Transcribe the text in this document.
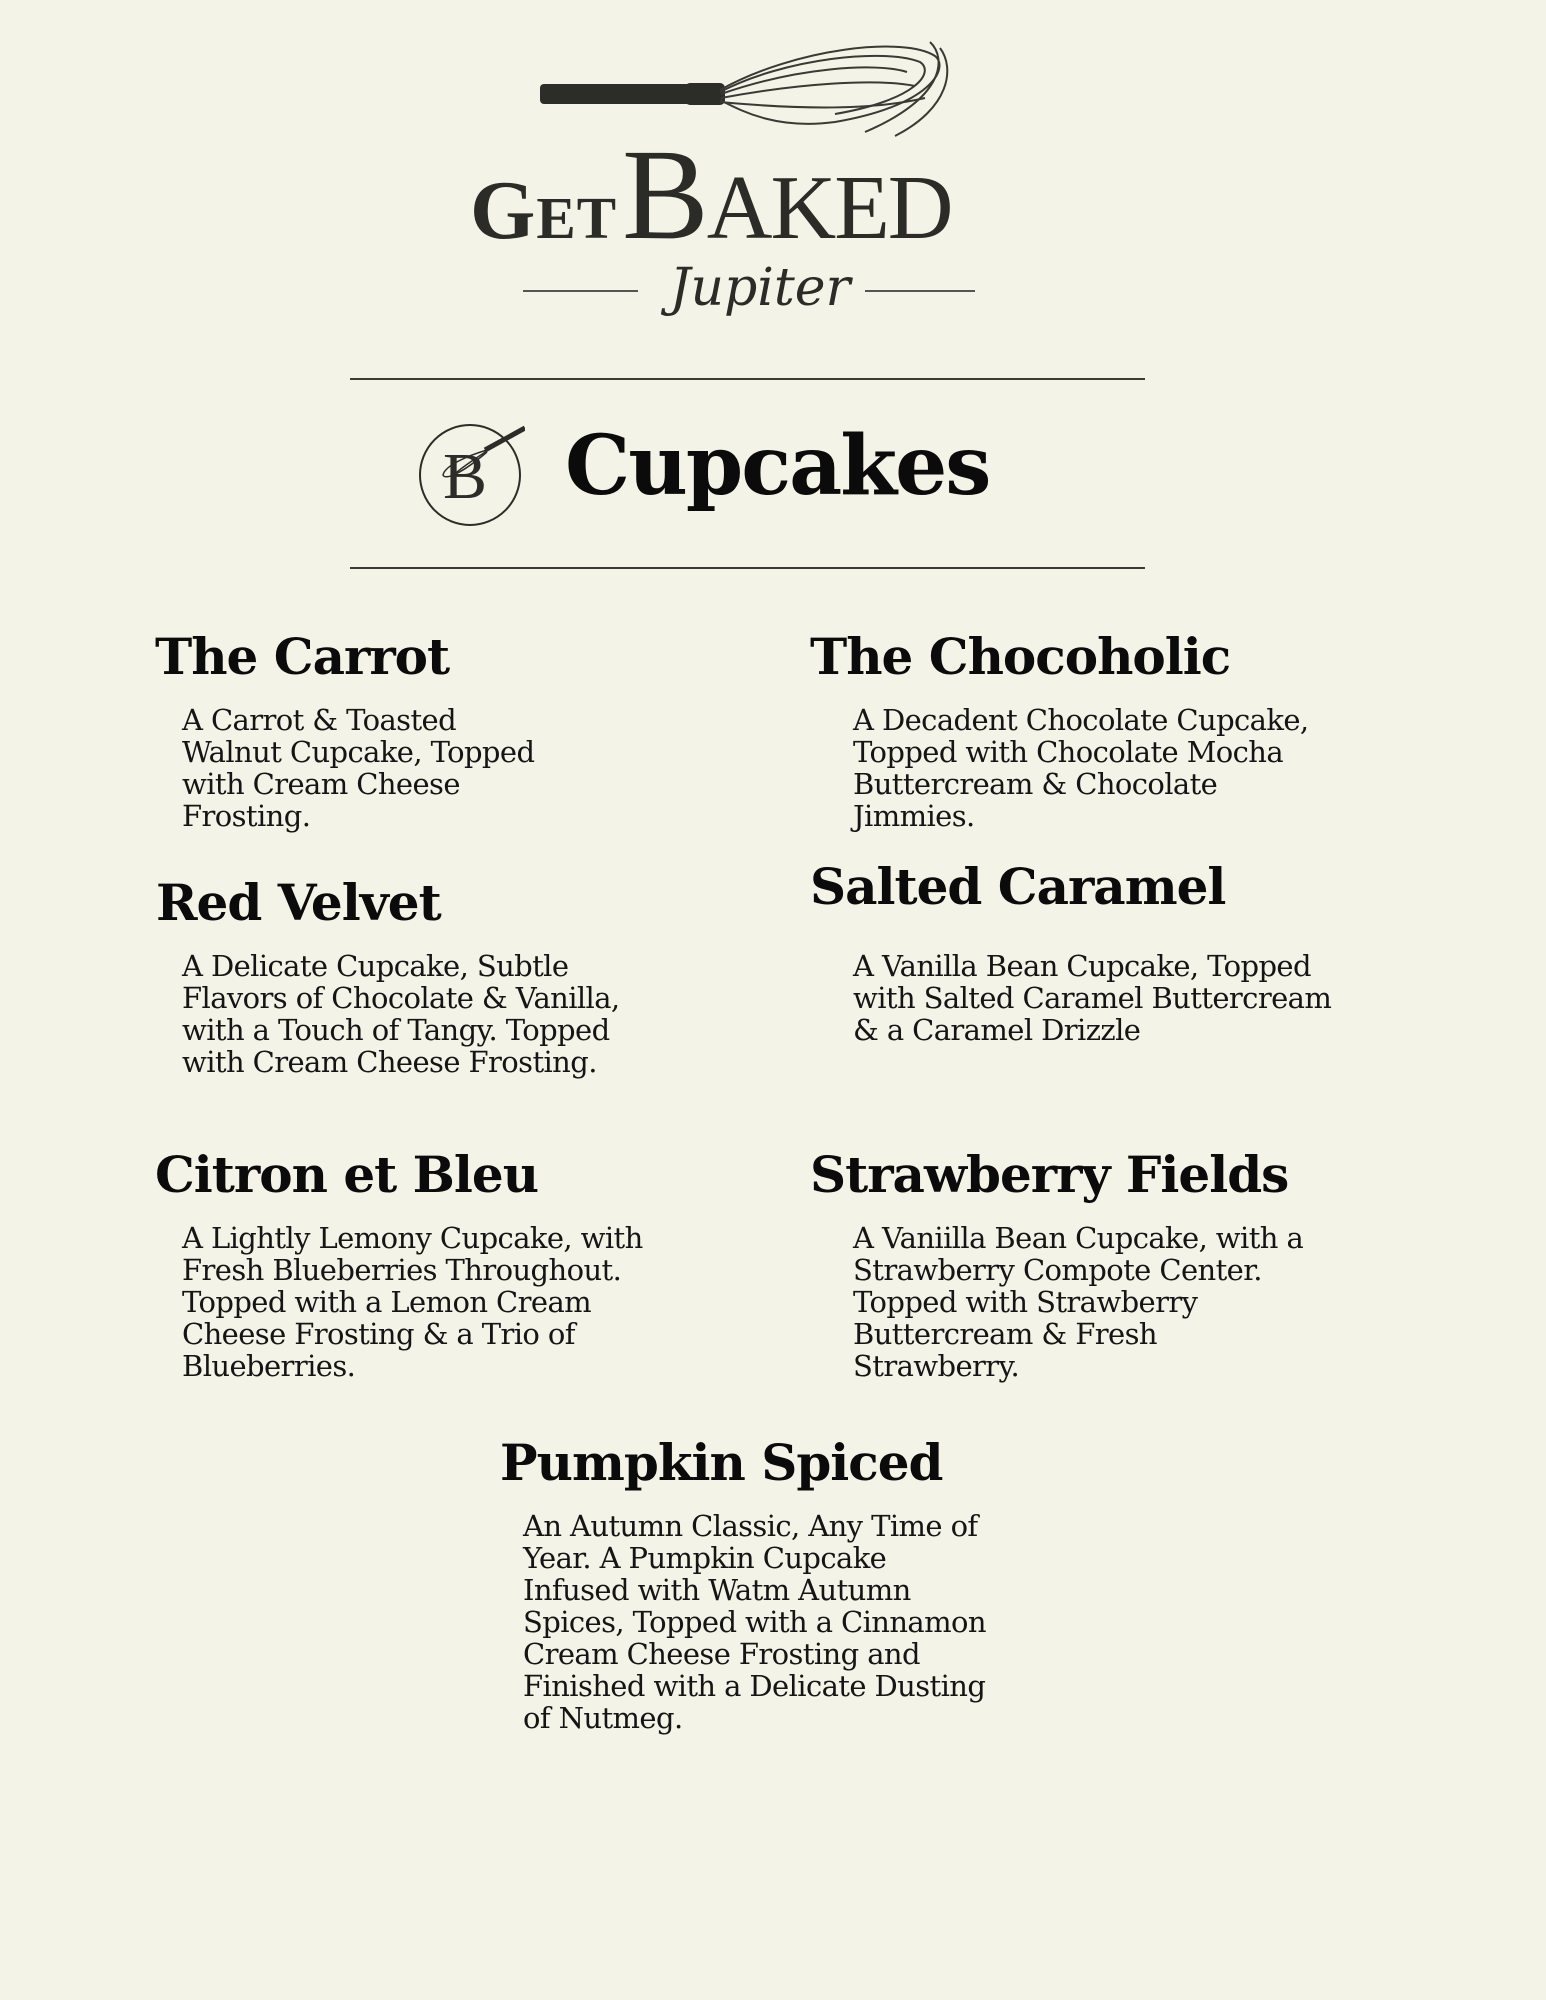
Get Baked
Jupiter
B Cupcakes
The Carrot
A Carrot & Toasted
Walnut Cupcake, Topped
with Cream Cheese
Frosting.
The Chocoholic
A Decadent Chocolate Cupcake,
Topped with Chocolate Mocha
Buttercream & Chocolate
Jimmies.
Red Velvet
A Delicate Cupcake, Subtle
Flavors of Chocolate & Vanilla,
with a Touch of Tangy. Topped
with Cream Cheese Frosting.
Salted Caramel
A Vanilla Bean Cupcake, Topped
with Salted Caramel Buttercream
& a Caramel Drizzle
Citron et Bleu
A Lightly Lemony Cupcake, with
Fresh Blueberries Throughout.
Topped with a Lemon Cream
Cheese Frosting & a Trio of
Blueberries.
Strawberry Fields
A Vaniilla Bean Cupcake, with a
Strawberry Compote Center.
Topped with Strawberry
Buttercream & Fresh
Strawberry.
Pumpkin Spiced
An Autumn Classic, Any Time of
Year. A Pumpkin Cupcake
Infused with Watm Autumn
Spices, Topped with a Cinnamon
Cream Cheese Frosting and
Finished with a Delicate Dusting
of Nutmeg.
